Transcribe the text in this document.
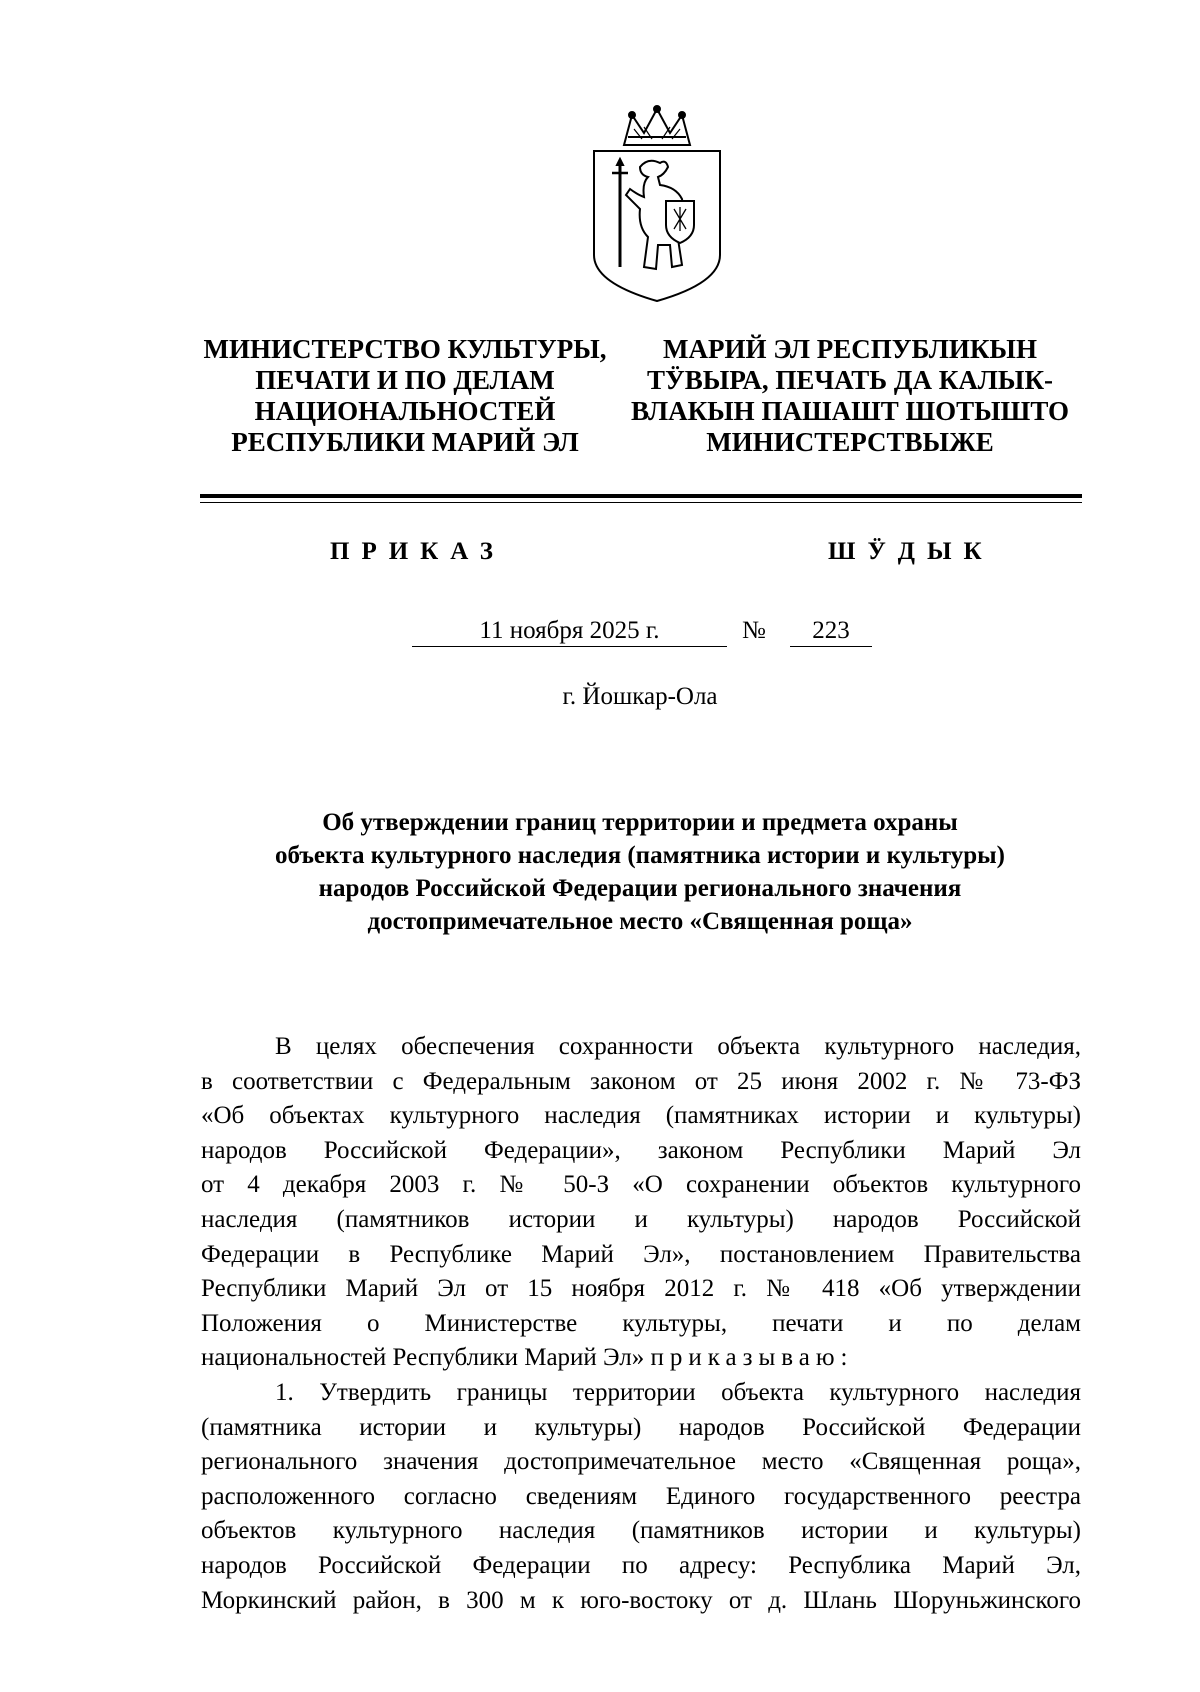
МИНИСТЕРСТВО КУЛЬТУРЫ,
ПЕЧАТИ И ПО ДЕЛАМ
НАЦИОНАЛЬНОСТЕЙ
РЕСПУБЛИКИ МАРИЙ ЭЛ
МАРИЙ ЭЛ РЕСПУБЛИКЫН
ТӰВЫРА, ПЕЧАТЬ ДА КАЛЫК-
ВЛАКЫН ПАШАШТ ШОТЫШТО
МИНИСТЕРСТВЫЖЕ
ПРИКАЗ	ШӰДЫК
11 ноября 2025 г.	№	223
г. Йошкар-Ола
Об утверждении границ территории и предмета охраны
объекта культурного наследия (памятника истории и культуры)
народов Российской Федерации регионального значения
достопримечательное место «Священная роща»
В целях обеспечения сохранности объекта культурного наследия,
в соответствии с Федеральным законом от 25 июня 2002 г. № 73-ФЗ
«Об объектах культурного наследия (памятниках истории и культуры)
народов Российской Федерации», законом Республики Марий Эл
от 4 декабря 2003 г. № 50-З «О сохранении объектов культурного
наследия (памятников истории и культуры) народов Российской
Федерации в Республике Марий Эл», постановлением Правительства
Республики Марий Эл от 15 ноября 2012 г. № 418 «Об утверждении
Положения о Министерстве культуры, печати и по делам
национальностей Республики Марий Эл» приказываю:
1. Утвердить границы территории объекта культурного наследия
(памятника истории и культуры) народов Российской Федерации
регионального значения достопримечательное место «Священная роща»,
расположенного согласно сведениям Единого государственного реестра
объектов культурного наследия (памятников истории и культуры)
народов Российской Федерации по адресу: Республика Марий Эл,
Моркинский район, в 300 м к юго-востоку от д. Шлань Шоруньжинского
